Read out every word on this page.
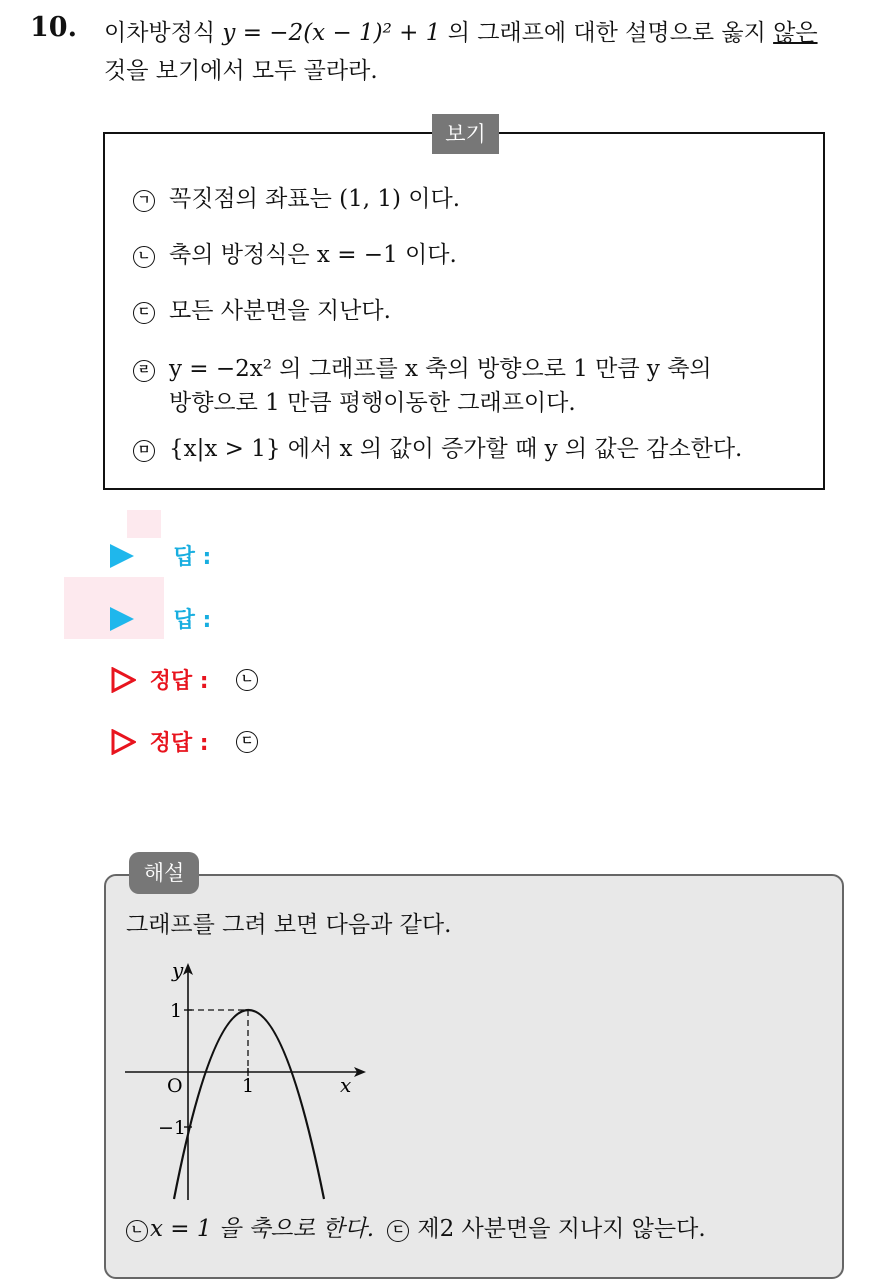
10. 이차방정식 y = −2(x − 1)² + 1 의 그래프에 대한 설명으로 옳지 않은
것을 보기에서 모두 골라라.
보기
ㄱ 꼭짓점의 좌표는 (1, 1) 이다.
ㄴ 축의 방정식은 x = −1 이다.
ㄷ 모든 사분면을 지난다.
ㄹ y = −2x² 의 그래프를 x 축의 방향으로 1 만큼 y 축의
방향으로 1 만큼 평행이동한 그래프이다.
ㅁ {x|x > 1} 에서 x 의 값이 증가할 때 y 의 값은 감소한다.
답 :
답 :
정답 : ㄴ
정답 : ㄷ
해설
그래프를 그려 보면 다음과 같다.
y
x
O	1
1
−1
ㄴ x = 1 을 축으로 한다. ㄷ 제2 사분면을 지나지 않는다.
